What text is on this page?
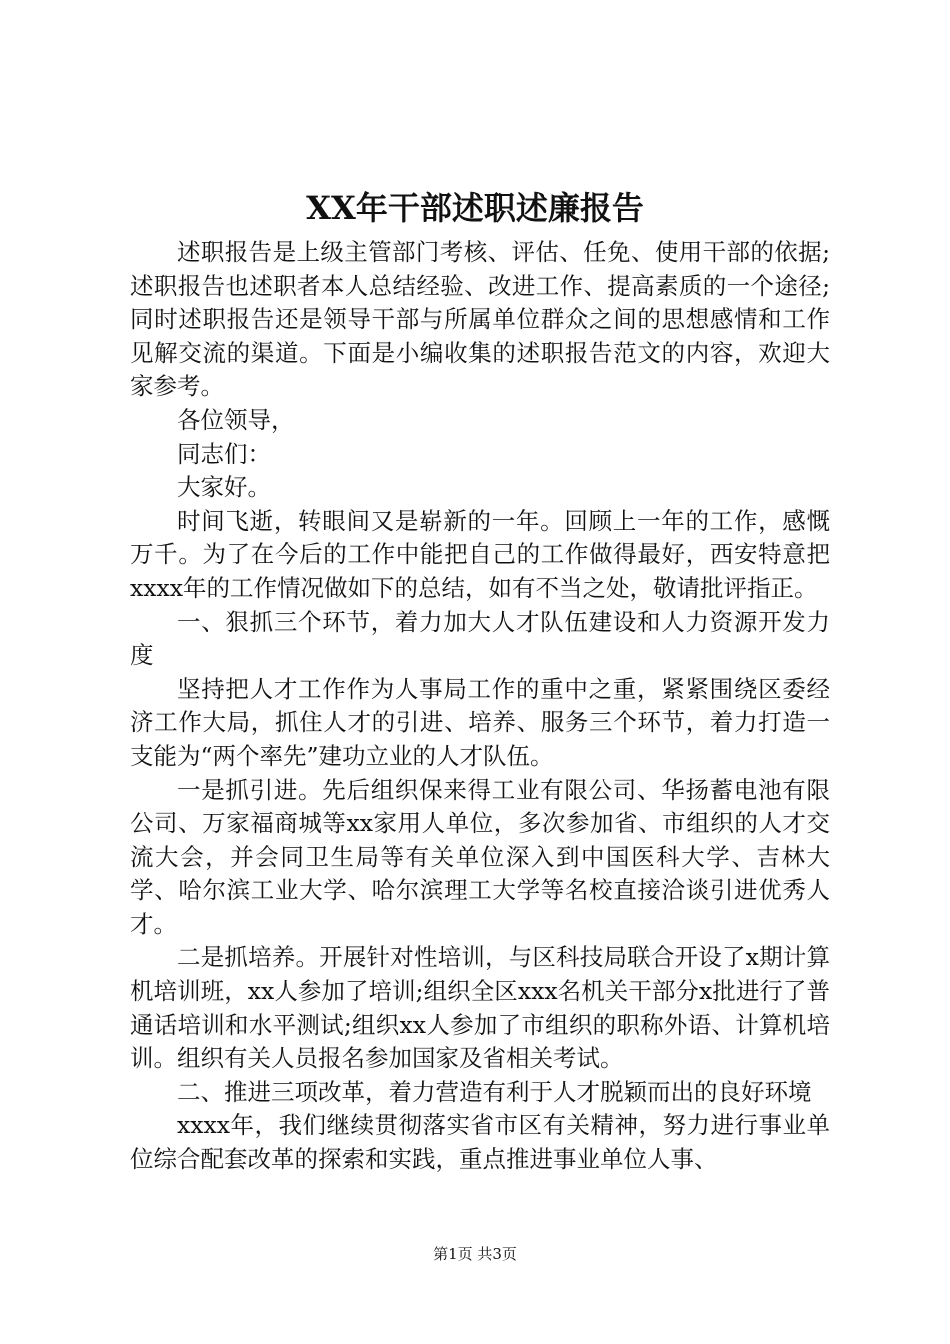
XX年干部述职述廉报告

述职报告是上级主管部门考核、评估、任免、使用干部的依据;述职报告也述职者本人总结经验、改进工作、提高素质的一个途径;同时述职报告还是领导干部与所属单位群众之间的思想感情和工作见解交流的渠道。下面是小编收集的述职报告范文的内容，欢迎大家参考。

各位领导，

同志们：

大家好。

时间飞逝，转眼间又是崭新的一年。回顾上一年的工作，感慨万千。为了在今后的工作中能把自己的工作做得最好，西安特意把xxxx年的工作情况做如下的总结，如有不当之处，敬请批评指正。

一、狠抓三个环节，着力加大人才队伍建设和人力资源开发力度

坚持把人才工作作为人事局工作的重中之重，紧紧围绕区委经济工作大局，抓住人才的引进、培养、服务三个环节，着力打造一支能为“两个率先”建功立业的人才队伍。

一是抓引进。先后组织保来得工业有限公司、华扬蓄电池有限公司、万家福商城等xx家用人单位，多次参加省、市组织的人才交流大会，并会同卫生局等有关单位深入到中国医科大学、吉林大学、哈尔滨工业大学、哈尔滨理工大学等名校直接洽谈引进优秀人才。

二是抓培养。开展针对性培训，与区科技局联合开设了x期计算机培训班，xx人参加了培训;组织全区xxx名机关干部分x批进行了普通话培训和水平测试;组织xx人参加了市组织的职称外语、计算机培训。组织有关人员报名参加国家及省相关考试。

二、推进三项改革，着力营造有利于人才脱颖而出的良好环境

xxxx年，我们继续贯彻落实省市区有关精神，努力进行事业单位综合配套改革的探索和实践，重点推进事业单位人事、

第1页 共3页
